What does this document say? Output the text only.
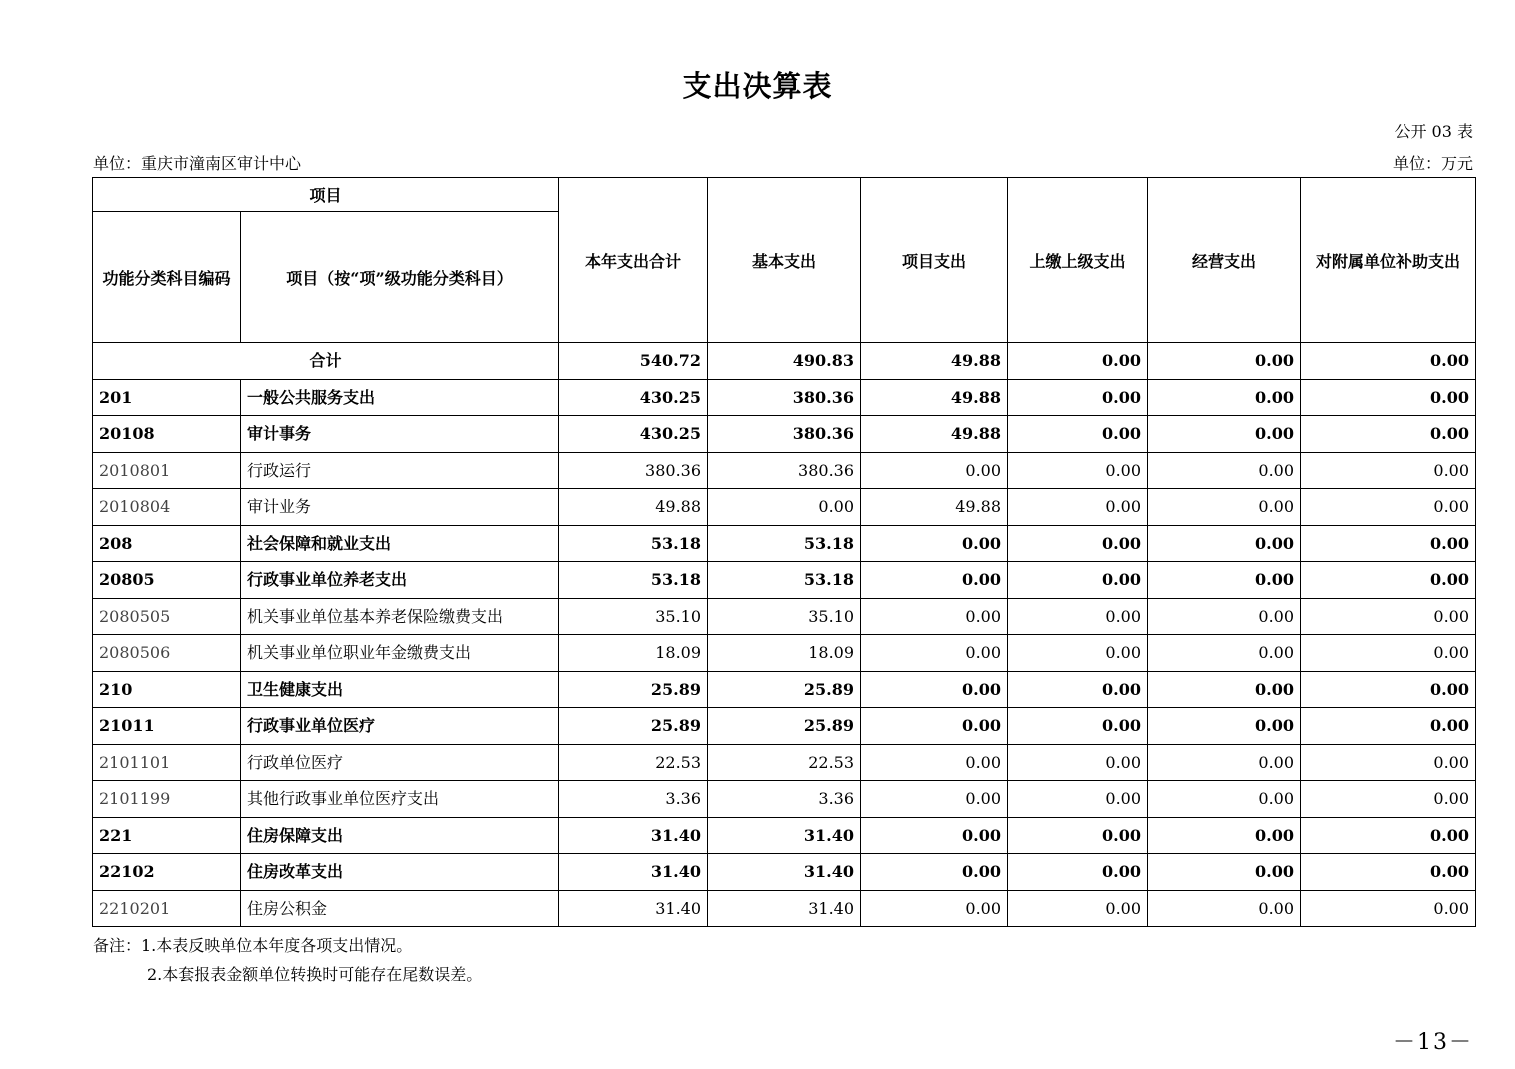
支出决算表
公开 03 表
单位：重庆市潼南区审计中心	单位：万元
项目		本年支出合计	基本支出	项目支出	上缴上级支出	经营支出	对附属单位补助支出
功能分类科目编码	项目（按“项”级功能分类科目）						
合计		540.72	490.83	49.88	0.00	0.00	0.00
201	一般公共服务支出	430.25	380.36	49.88	0.00	0.00	0.00
20108	审计事务	430.25	380.36	49.88	0.00	0.00	0.00
2010801	行政运行	380.36	380.36	0.00	0.00	0.00	0.00
2010804	审计业务	49.88	0.00	49.88	0.00	0.00	0.00
208	社会保障和就业支出	53.18	53.18	0.00	0.00	0.00	0.00
20805	行政事业单位养老支出	53.18	53.18	0.00	0.00	0.00	0.00
2080505	机关事业单位基本养老保险缴费支出	35.10	35.10	0.00	0.00	0.00	0.00
2080506	机关事业单位职业年金缴费支出	18.09	18.09	0.00	0.00	0.00	0.00
210	卫生健康支出	25.89	25.89	0.00	0.00	0.00	0.00
21011	行政事业单位医疗	25.89	25.89	0.00	0.00	0.00	0.00
2101101	行政单位医疗	22.53	22.53	0.00	0.00	0.00	0.00
2101199	其他行政事业单位医疗支出	3.36	3.36	0.00	0.00	0.00	0.00
221	住房保障支出	31.40	31.40	0.00	0.00	0.00	0.00
22102	住房改革支出	31.40	31.40	0.00	0.00	0.00	0.00
2210201	住房公积金	31.40	31.40	0.00	0.00	0.00	0.00
备注：1.本表反映单位本年度各项支出情况。
2.本套报表金额单位转换时可能存在尾数误差。
－13－
